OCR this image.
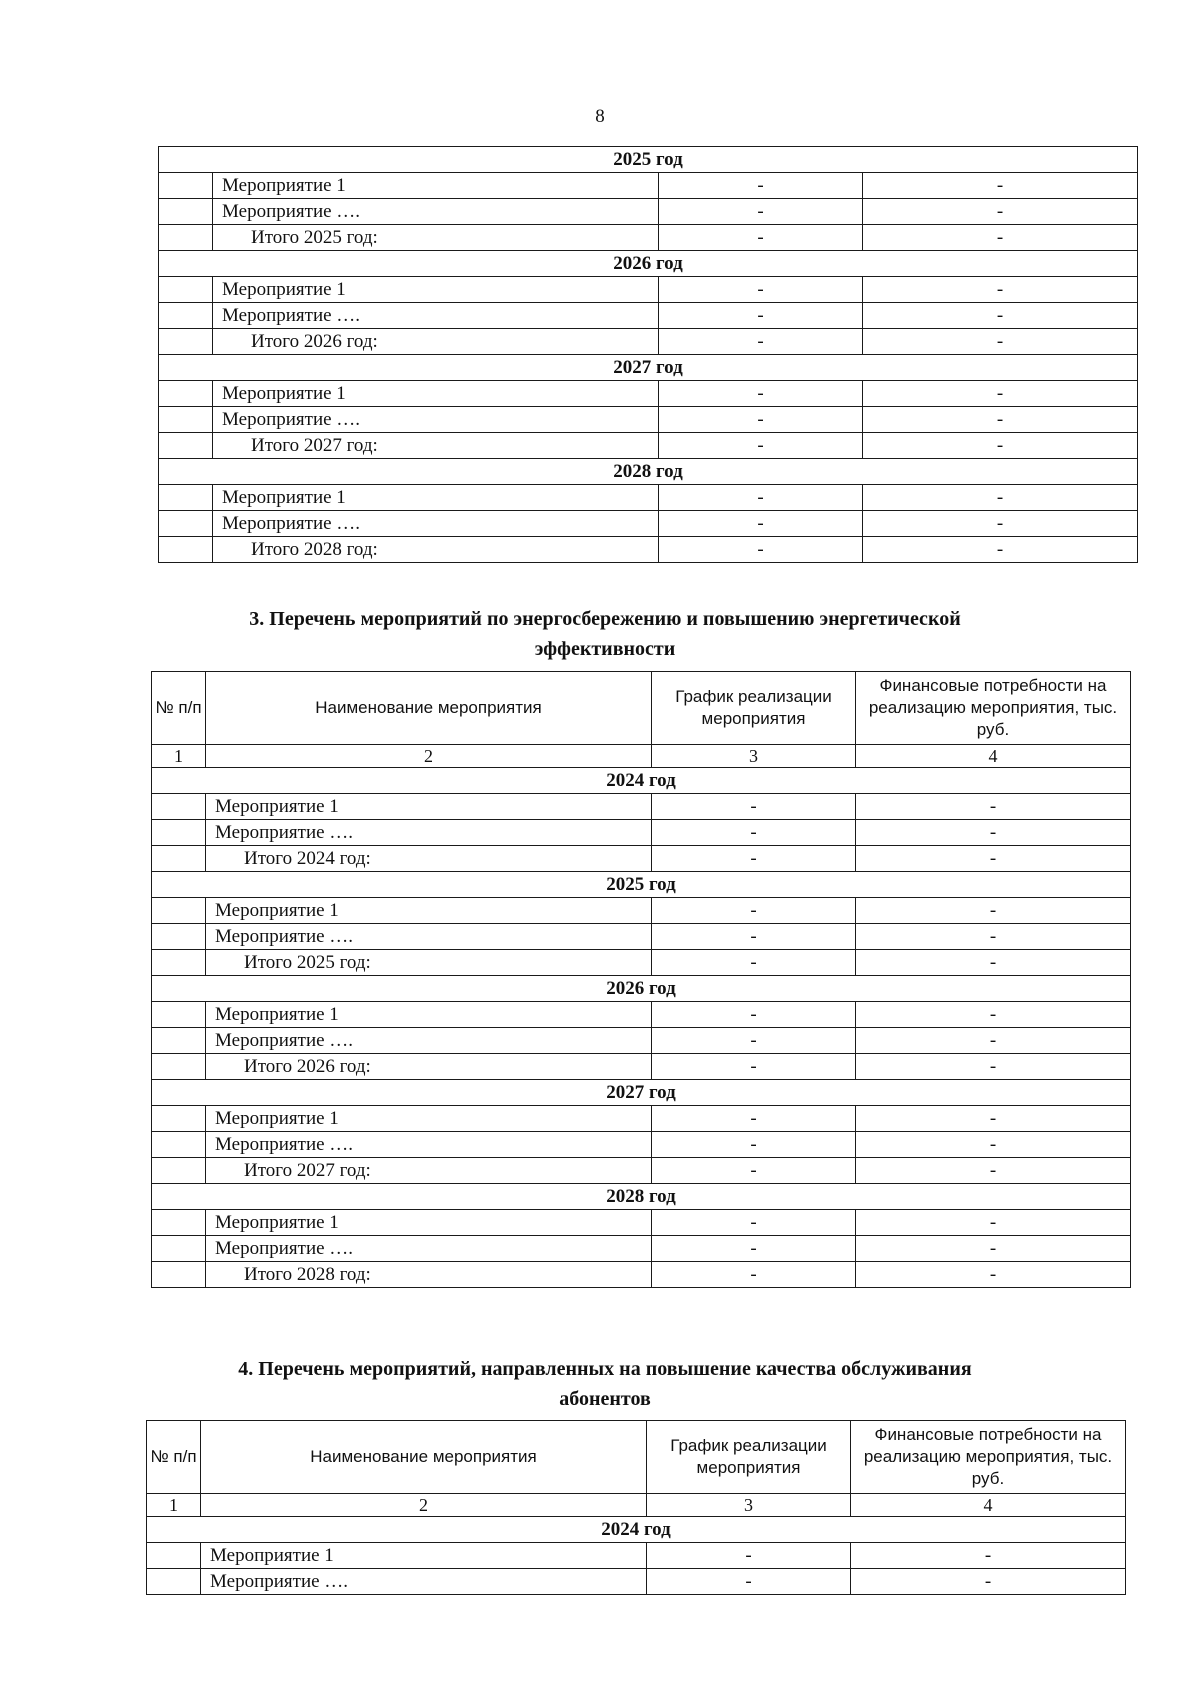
8
2025 год			
	Мероприятие 1	-	-
	Мероприятие ….	-	-
	Итого 2025 год:	-	-
2026 год			
	Мероприятие 1	-	-
	Мероприятие ….	-	-
	Итого 2026 год:	-	-
2027 год			
	Мероприятие 1	-	-
	Мероприятие ….	-	-
	Итого 2027 год:	-	-
2028 год			
	Мероприятие 1	-	-
	Мероприятие ….	-	-
	Итого 2028 год:	-	-
3. Перечень мероприятий по энергосбережению и повышению энергетической
эффективности
№ п/п	Наименование мероприятия	График реализации мероприятия	Финансовые потребности на реализацию мероприятия, тыс. руб.
1	2	3	4
2024 год			
	Мероприятие 1	-	-
	Мероприятие ….	-	-
	Итого 2024 год:	-	-
2025 год			
	Мероприятие 1	-	-
	Мероприятие ….	-	-
	Итого 2025 год:	-	-
2026 год			
	Мероприятие 1	-	-
	Мероприятие ….	-	-
	Итого 2026 год:	-	-
2027 год			
	Мероприятие 1	-	-
	Мероприятие ….	-	-
	Итого 2027 год:	-	-
2028 год			
	Мероприятие 1	-	-
	Мероприятие ….	-	-
	Итого 2028 год:	-	-
4. Перечень мероприятий, направленных на повышение качества обслуживания
абонентов
№ п/п	Наименование мероприятия	График реализации мероприятия	Финансовые потребности на реализацию мероприятия, тыс. руб.
1	2	3	4
2024 год			
	Мероприятие 1	-	-
	Мероприятие ….	-	-
